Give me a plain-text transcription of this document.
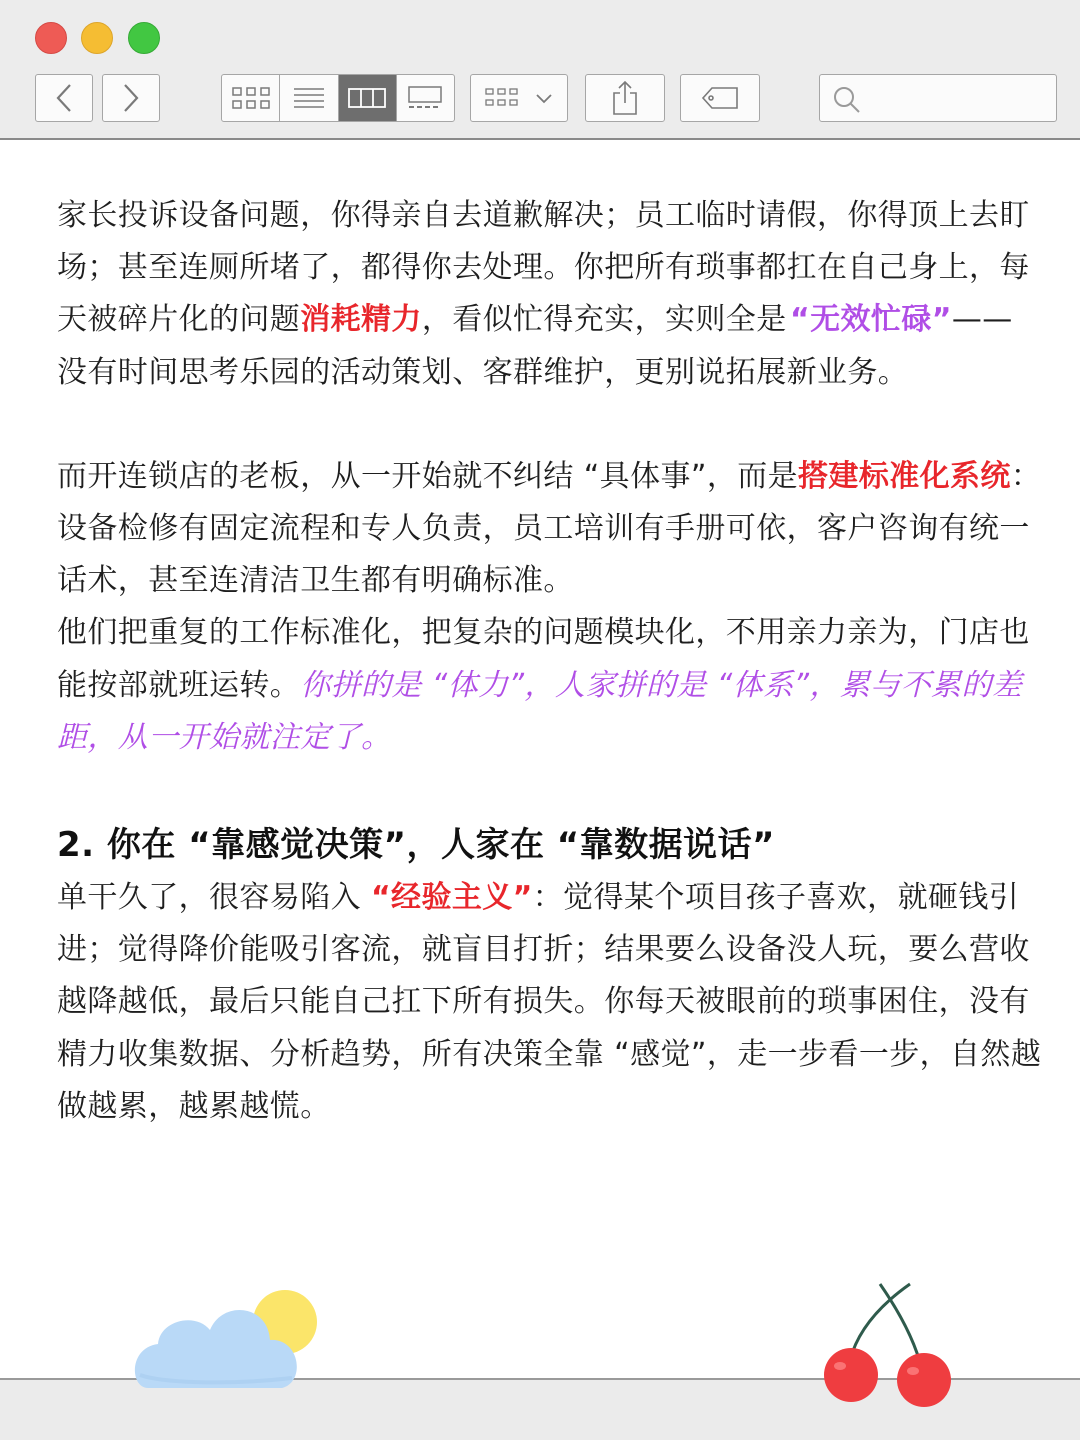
家长投诉设备问题，你得亲自去道歉解决；员工临时请假，你得顶上去盯场；甚至连厕所堵了，都得你去处理。你把所有琐事都扛在自己身上，每天被碎片化的问题消耗精力，看似忙得充实，实则全是  “无效忙碌”—— 没有时间思考乐园的活动策划、客群维护，更别说拓展新业务。

而开连锁店的老板，从一开始就不纠结 “具体事”，而是搭建标准化系统：设备检修有固定流程和专人负责，员工培训有手册可依，客户咨询有统一话术，甚至连清洁卫生都有明确标准。

他们把重复的工作标准化，把复杂的问题模块化，不用亲力亲为，门店也能按部就班运转。你拼的是 “体力”，人家拼的是 “体系”，累与不累的差距，从一开始就注定了。

2. 你在 “靠感觉决策”，人家在 “靠数据说话”

单干久了，很容易陷入 “经验主义”：觉得某个项目孩子喜欢，就砸钱引进；觉得降价能吸引客流，就盲目打折；结果要么设备没人玩，要么营收越降越低，最后只能自己扛下所有损失。你每天被眼前的琐事困住，没有精力收集数据、分析趋势，所有决策全靠 “感觉”，走一步看一步，自然越做越累，越累越慌。
